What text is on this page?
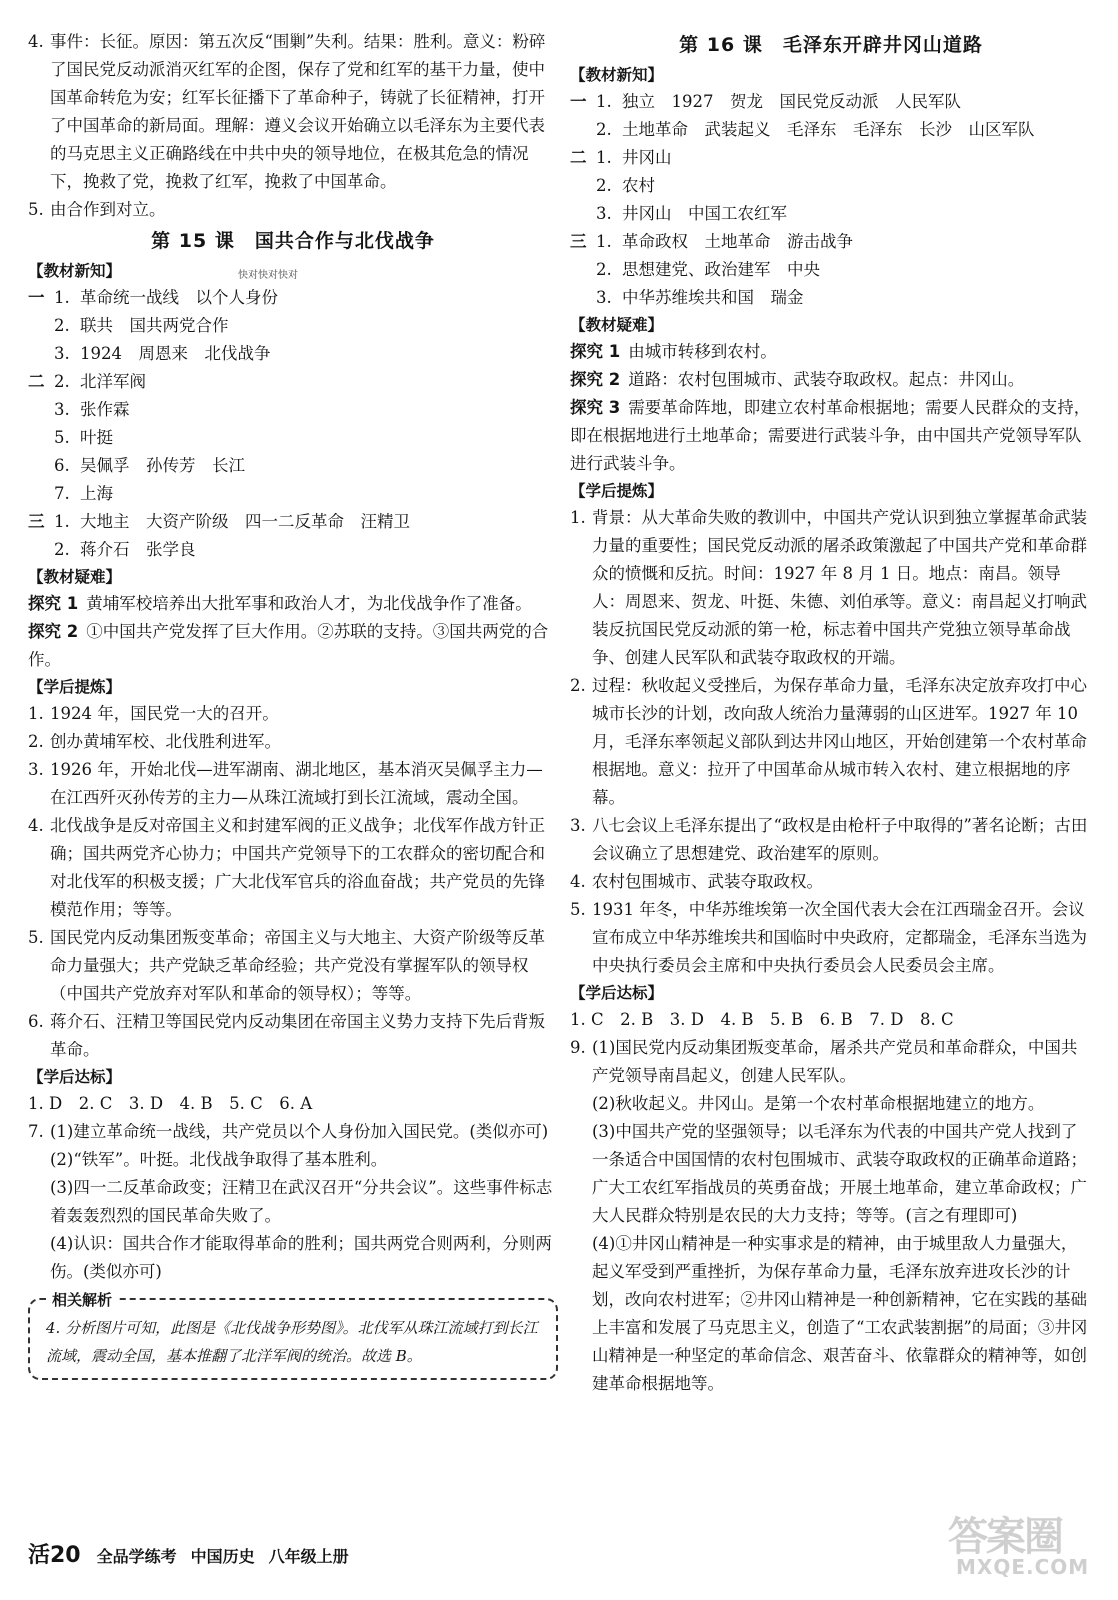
4. 事件：长征。原因：第五次反“围剿”失利。结果：胜利。意义：粉碎了国民党反动派消灭红军的企图，保存了党和红军的基干力量，使中国革命转危为安；红军长征播下了革命种子，铸就了长征精神，打开了中国革命的新局面。理解：遵义会议开始确立以毛泽东为主要代表的马克思主义正确路线在中共中央的领导地位，在极其危急的情况下，挽救了党，挽救了红军，挽救了中国革命。
5. 由合作到对立。
第 15 课　国共合作与北伐战争
【教材新知】
一 1. 革命统一战线　以个人身份
2. 联共　国共两党合作
3. 1924　周恩来　北伐战争
二 2. 北洋军阀
3. 张作霖
5. 叶挺
6. 吴佩孚　孙传芳　长江
7. 上海
三 1. 大地主　大资产阶级　四一二反革命　汪精卫
2. 蒋介石　张学良
【教材疑难】
探究 1 黄埔军校培养出大批军事和政治人才，为北伐战争作了准备。
探究 2 ①中国共产党发挥了巨大作用。②苏联的支持。③国共两党的合作。
【学后提炼】
1. 1924 年，国民党一大的召开。
2. 创办黄埔军校、北伐胜利进军。
3. 1926 年，开始北伐—进军湖南、湖北地区，基本消灭吴佩孚主力—在江西歼灭孙传芳的主力—从珠江流域打到长江流域，震动全国。
4. 北伐战争是反对帝国主义和封建军阀的正义战争；北伐军作战方针正确；国共两党齐心协力；中国共产党领导下的工农群众的密切配合和对北伐军的积极支援；广大北伐军官兵的浴血奋战；共产党员的先锋模范作用；等等。
5. 国民党内反动集团叛变革命；帝国主义与大地主、大资产阶级等反革命力量强大；共产党缺乏革命经验；共产党没有掌握军队的领导权（中国共产党放弃对军队和革命的领导权）；等等。
6. 蒋介石、汪精卫等国民党内反动集团在帝国主义势力支持下先后背叛革命。
【学后达标】
1. D　2. C　3. D　4. B　5. C　6. A
7. (1)建立革命统一战线，共产党员以个人身份加入国民党。(类似亦可)
(2)“铁军”。叶挺。北伐战争取得了基本胜利。
(3)四一二反革命政变；汪精卫在武汉召开“分共会议”。这些事件标志着轰轰烈烈的国民革命失败了。
(4)认识：国共合作才能取得革命的胜利；国共两党合则两利，分则两伤。(类似亦可)
相关解析
4. 分析图片可知，此图是《北伐战争形势图》。北伐军从珠江流域打到长江流域，震动全国，基本推翻了北洋军阀的统治。故选 B。
快对快对快对
第 16 课　毛泽东开辟井冈山道路
【教材新知】
一 1. 独立　1927　贺龙　国民党反动派　人民军队
2. 土地革命　武装起义　毛泽东　毛泽东　长沙　山区军队
二 1. 井冈山
2. 农村
3. 井冈山　中国工农红军
三 1. 革命政权　土地革命　游击战争
2. 思想建党、政治建军　中央
3. 中华苏维埃共和国　瑞金
【教材疑难】
探究 1 由城市转移到农村。
探究 2 道路：农村包围城市、武装夺取政权。起点：井冈山。
探究 3 需要革命阵地，即建立农村革命根据地；需要人民群众的支持，即在根据地进行土地革命；需要进行武装斗争，由中国共产党领导军队进行武装斗争。
【学后提炼】
1. 背景：从大革命失败的教训中，中国共产党认识到独立掌握革命武装力量的重要性；国民党反动派的屠杀政策激起了中国共产党和革命群众的愤慨和反抗。时间：1927 年 8 月 1 日。地点：南昌。领导人：周恩来、贺龙、叶挺、朱德、刘伯承等。意义：南昌起义打响武装反抗国民党反动派的第一枪，标志着中国共产党独立领导革命战争、创建人民军队和武装夺取政权的开端。
2. 过程：秋收起义受挫后，为保存革命力量，毛泽东决定放弃攻打中心城市长沙的计划，改向敌人统治力量薄弱的山区进军。1927 年 10 月，毛泽东率领起义部队到达井冈山地区，开始创建第一个农村革命根据地。意义：拉开了中国革命从城市转入农村、建立根据地的序幕。
3. 八七会议上毛泽东提出了“政权是由枪杆子中取得的”著名论断；古田会议确立了思想建党、政治建军的原则。
4. 农村包围城市、武装夺取政权。
5. 1931 年冬，中华苏维埃第一次全国代表大会在江西瑞金召开。会议宣布成立中华苏维埃共和国临时中央政府，定都瑞金，毛泽东当选为中央执行委员会主席和中央执行委员会人民委员会主席。
【学后达标】
1. C　2. B　3. D　4. B　5. B　6. B　7. D　8. C
9. (1)国民党内反动集团叛变革命，屠杀共产党员和革命群众，中国共产党领导南昌起义，创建人民军队。
(2)秋收起义。井冈山。是第一个农村革命根据地建立的地方。
(3)中国共产党的坚强领导；以毛泽东为代表的中国共产党人找到了一条适合中国国情的农村包围城市、武装夺取政权的正确革命道路；广大工农红军指战员的英勇奋战；开展土地革命，建立革命政权；广大人民群众特别是农民的大力支持；等等。(言之有理即可)
(4)①井冈山精神是一种实事求是的精神，由于城里敌人力量强大，起义军受到严重挫折，为保存革命力量，毛泽东放弃进攻长沙的计划，改向农村进军；②井冈山精神是一种创新精神，它在实践的基础上丰富和发展了马克思主义，创造了“工农武装割据”的局面；③井冈山精神是一种坚定的革命信念、艰苦奋斗、依靠群众的精神等，如创建革命根据地等。
活20 全品学练考 中国历史 八年级上册	答案圈
MXQE.COM
